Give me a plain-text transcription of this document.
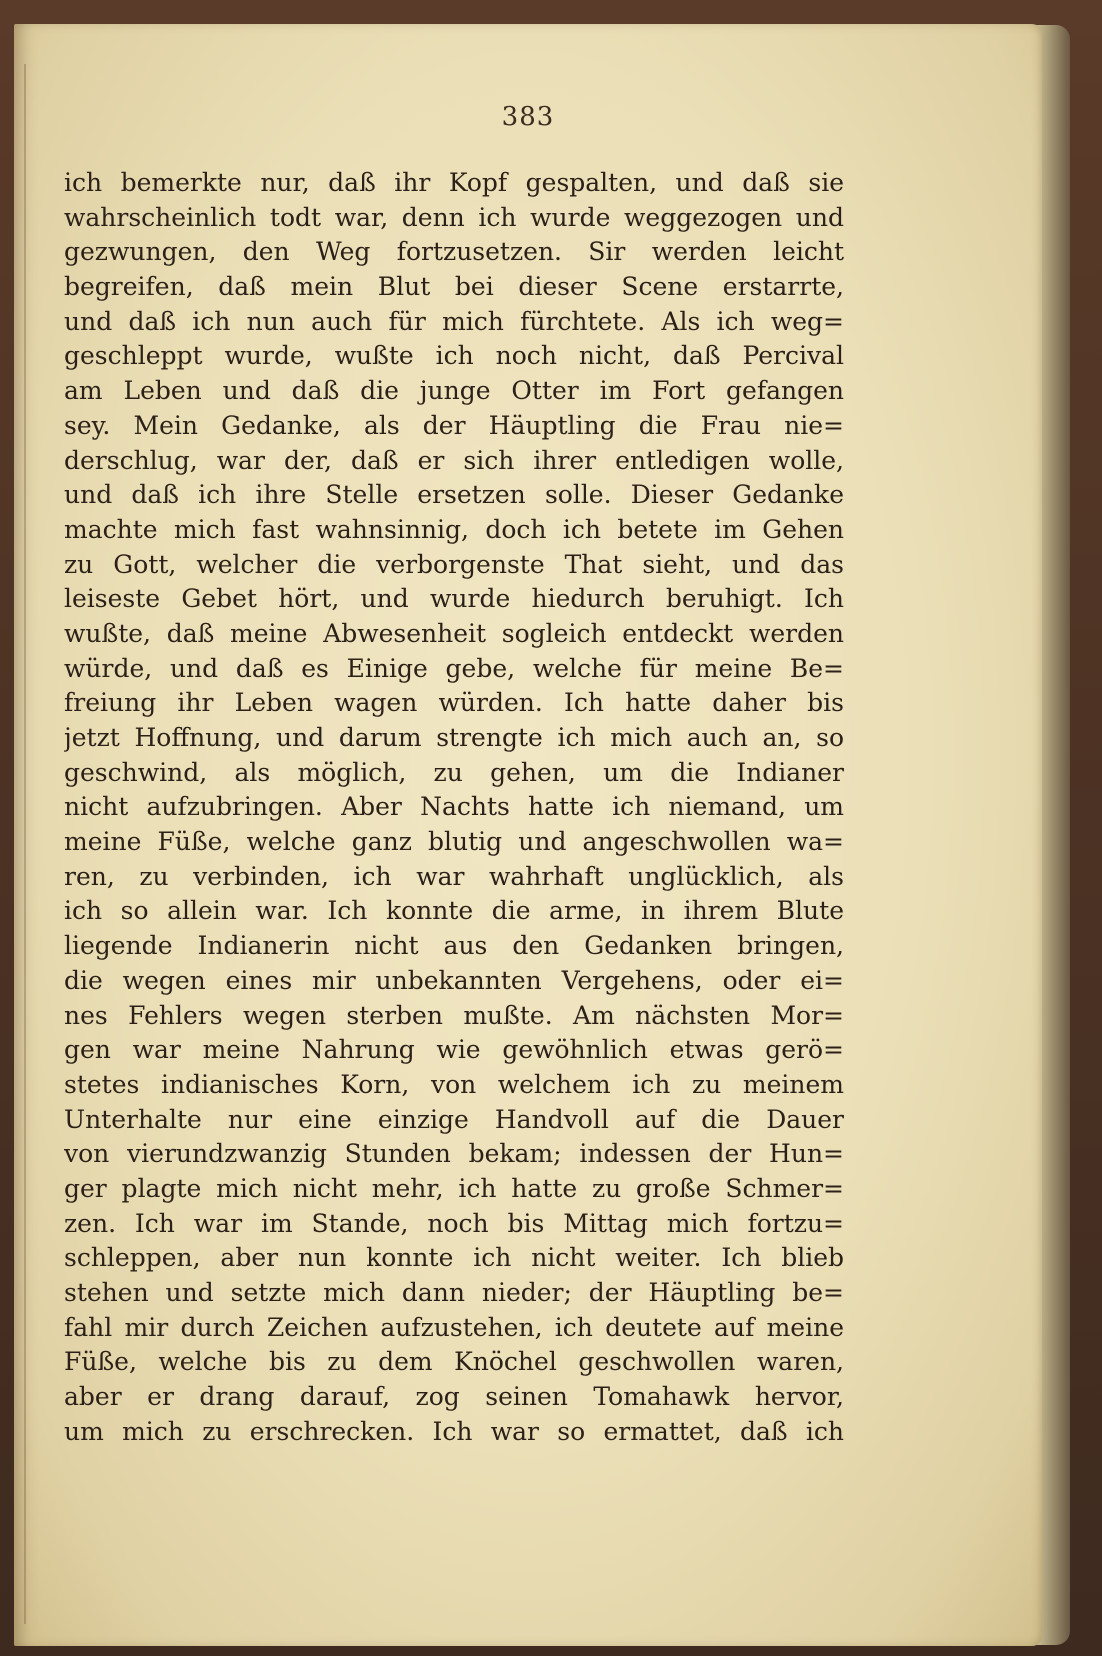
383
ich bemerkte nur, daß ihr Kopf gespalten, und daß sie
wahrscheinlich todt war, denn ich wurde weggezogen und
gezwungen, den Weg fortzusetzen. Sir werden leicht
begreifen, daß mein Blut bei dieser Scene erstarrte,
und daß ich nun auch für mich fürchtete. Als ich weg=
geschleppt wurde, wußte ich noch nicht, daß Percival
am Leben und daß die junge Otter im Fort gefangen
sey. Mein Gedanke, als der Häuptling die Frau nie=
derschlug, war der, daß er sich ihrer entledigen wolle,
und daß ich ihre Stelle ersetzen solle. Dieser Gedanke
machte mich fast wahnsinnig, doch ich betete im Gehen
zu Gott, welcher die verborgenste That sieht, und das
leiseste Gebet hört, und wurde hiedurch beruhigt. Ich
wußte, daß meine Abwesenheit sogleich entdeckt werden
würde, und daß es Einige gebe, welche für meine Be=
freiung ihr Leben wagen würden. Ich hatte daher bis
jetzt Hoffnung, und darum strengte ich mich auch an, so
geschwind, als möglich, zu gehen, um die Indianer
nicht aufzubringen. Aber Nachts hatte ich niemand, um
meine Füße, welche ganz blutig und angeschwollen wa=
ren, zu verbinden, ich war wahrhaft unglücklich, als
ich so allein war. Ich konnte die arme, in ihrem Blute
liegende Indianerin nicht aus den Gedanken bringen,
die wegen eines mir unbekannten Vergehens, oder ei=
nes Fehlers wegen sterben mußte. Am nächsten Mor=
gen war meine Nahrung wie gewöhnlich etwas gerö=
stetes indianisches Korn, von welchem ich zu meinem
Unterhalte nur eine einzige Handvoll auf die Dauer
von vierundzwanzig Stunden bekam; indessen der Hun=
ger plagte mich nicht mehr, ich hatte zu große Schmer=
zen. Ich war im Stande, noch bis Mittag mich fortzu=
schleppen, aber nun konnte ich nicht weiter. Ich blieb
stehen und setzte mich dann nieder; der Häuptling be=
fahl mir durch Zeichen aufzustehen, ich deutete auf meine
Füße, welche bis zu dem Knöchel geschwollen waren,
aber er drang darauf, zog seinen Tomahawk hervor,
um mich zu erschrecken. Ich war so ermattet, daß ich
